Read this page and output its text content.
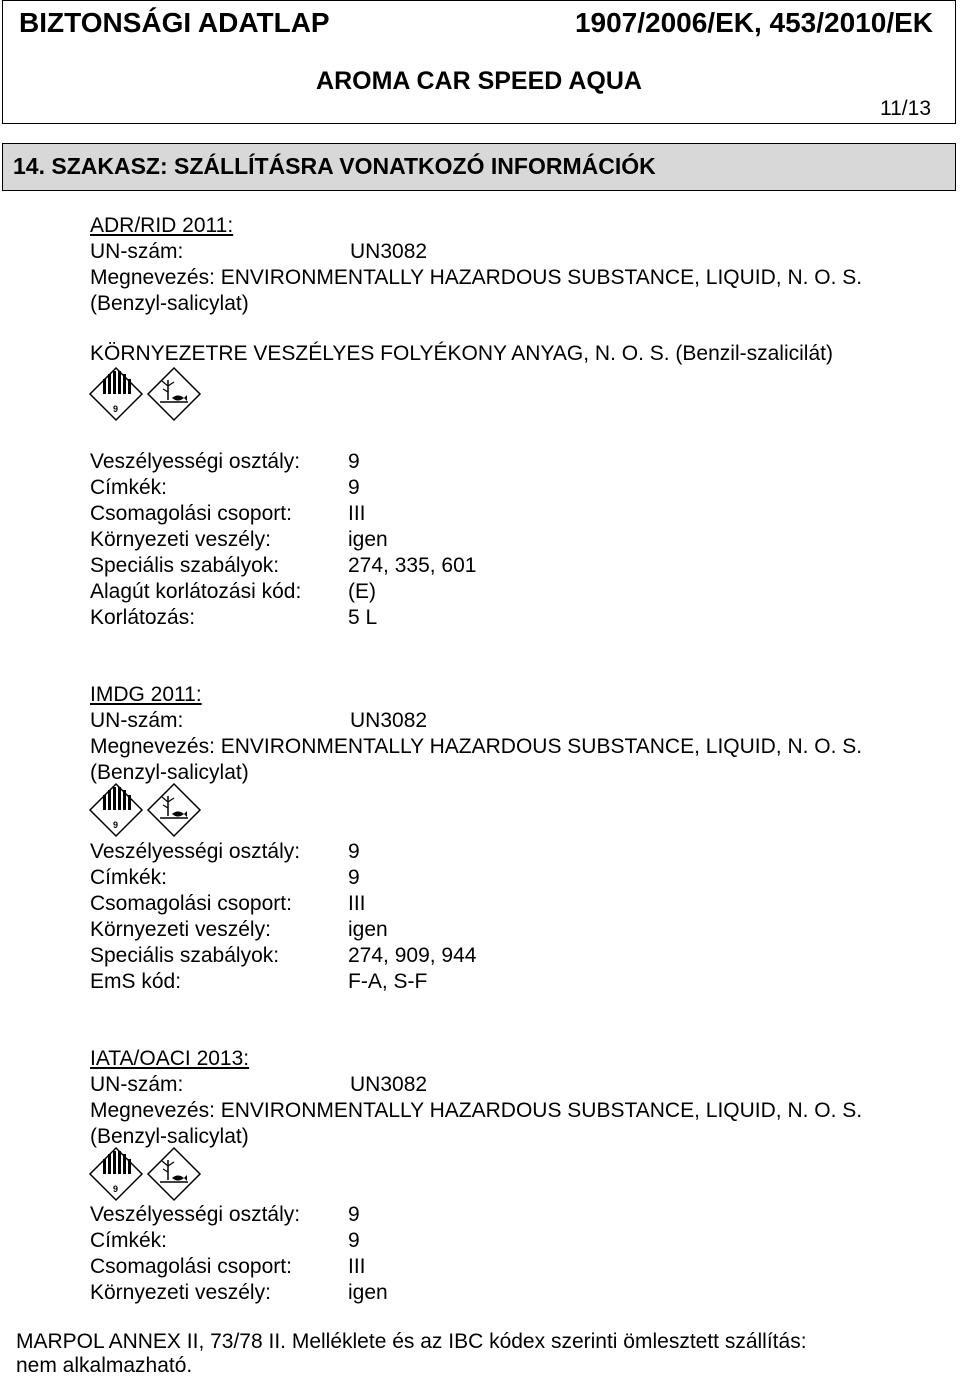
BIZTONSÁGI ADATLAP	1907/2006/EK, 453/2010/EK
AROMA CAR SPEED AQUA
11/13
14. SZAKASZ: SZÁLLÍTÁSRA VONATKOZÓ INFORMÁCIÓK
ADR/RID 2011:
UN-szám:	UN3082
Megnevezés: ENVIRONMENTALLY HAZARDOUS SUBSTANCE, LIQUID, N. O. S.
(Benzyl-salicylat)
KÖRNYEZETRE VESZÉLYES FOLYÉKONY ANYAG, N. O. S. (Benzil-szalicilát)
9
Veszélyességi osztály: 9
Címkék:	9
Csomagolási csoport:	III
Környezeti veszély:	igen
Speciális szabályok:	274, 335, 601
Alagút korlátozási kód: (E)
Korlátozás:	5 L
IMDG 2011:
UN-szám:	UN3082
Megnevezés: ENVIRONMENTALLY HAZARDOUS SUBSTANCE, LIQUID, N. O. S.
(Benzyl-salicylat)
9
Veszélyességi osztály: 9
Címkék:	9
Csomagolási csoport:	III
Környezeti veszély:	igen
Speciális szabályok:	274, 909, 944
EmS kód:	F-A, S-F
IATA/OACI 2013:
UN-szám:	UN3082
Megnevezés: ENVIRONMENTALLY HAZARDOUS SUBSTANCE, LIQUID, N. O. S.
(Benzyl-salicylat)
9
Veszélyességi osztály: 9
Címkék:	9
Csomagolási csoport:	III
Környezeti veszély:	igen
MARPOL ANNEX II, 73/78 II. Melléklete és az IBC kódex szerinti ömlesztett szállítás:
nem alkalmazható.
